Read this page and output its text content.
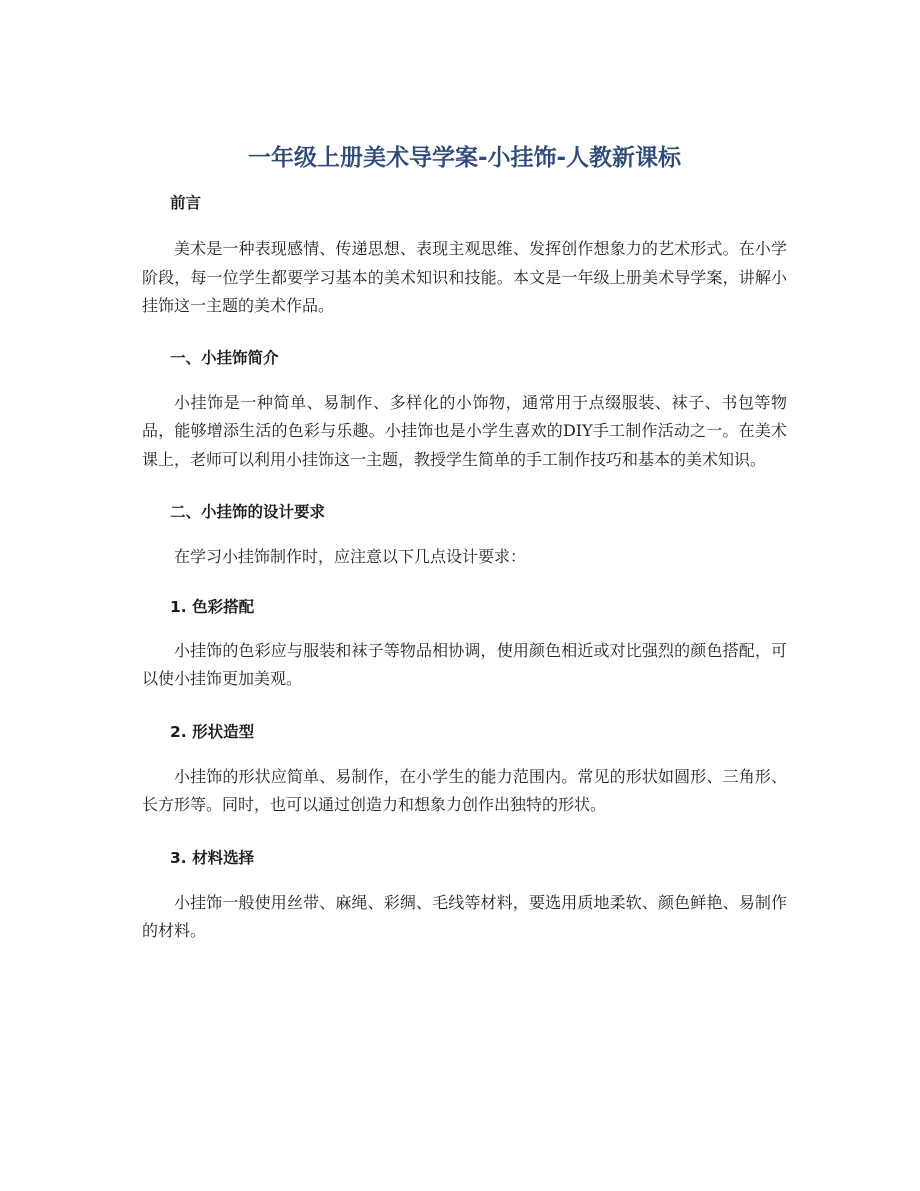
一年级上册美术导学案-小挂饰-人教新课标
前言

美术是一种表现感情、传递思想、表现主观思维、发挥创作想象力的艺术形式。在小学阶段，每一位学生都要学习基本的美术知识和技能。本文是一年级上册美术导学案，讲解小挂饰这一主题的美术作品。

一、小挂饰简介

小挂饰是一种简单、易制作、多样化的小饰物，通常用于点缀服装、袜子、书包等物品，能够增添生活的色彩与乐趣。小挂饰也是小学生喜欢的DIY手工制作活动之一。在美术课上，老师可以利用小挂饰这一主题，教授学生简单的手工制作技巧和基本的美术知识。

二、小挂饰的设计要求

在学习小挂饰制作时，应注意以下几点设计要求：

1. 色彩搭配

小挂饰的色彩应与服装和袜子等物品相协调，使用颜色相近或对比强烈的颜色搭配，可以使小挂饰更加美观。

2. 形状造型

小挂饰的形状应简单、易制作，在小学生的能力范围内。常见的形状如圆形、三角形、长方形等。同时，也可以通过创造力和想象力创作出独特的形状。

3. 材料选择

小挂饰一般使用丝带、麻绳、彩绸、毛线等材料，要选用质地柔软、颜色鲜艳、易制作的材料。
